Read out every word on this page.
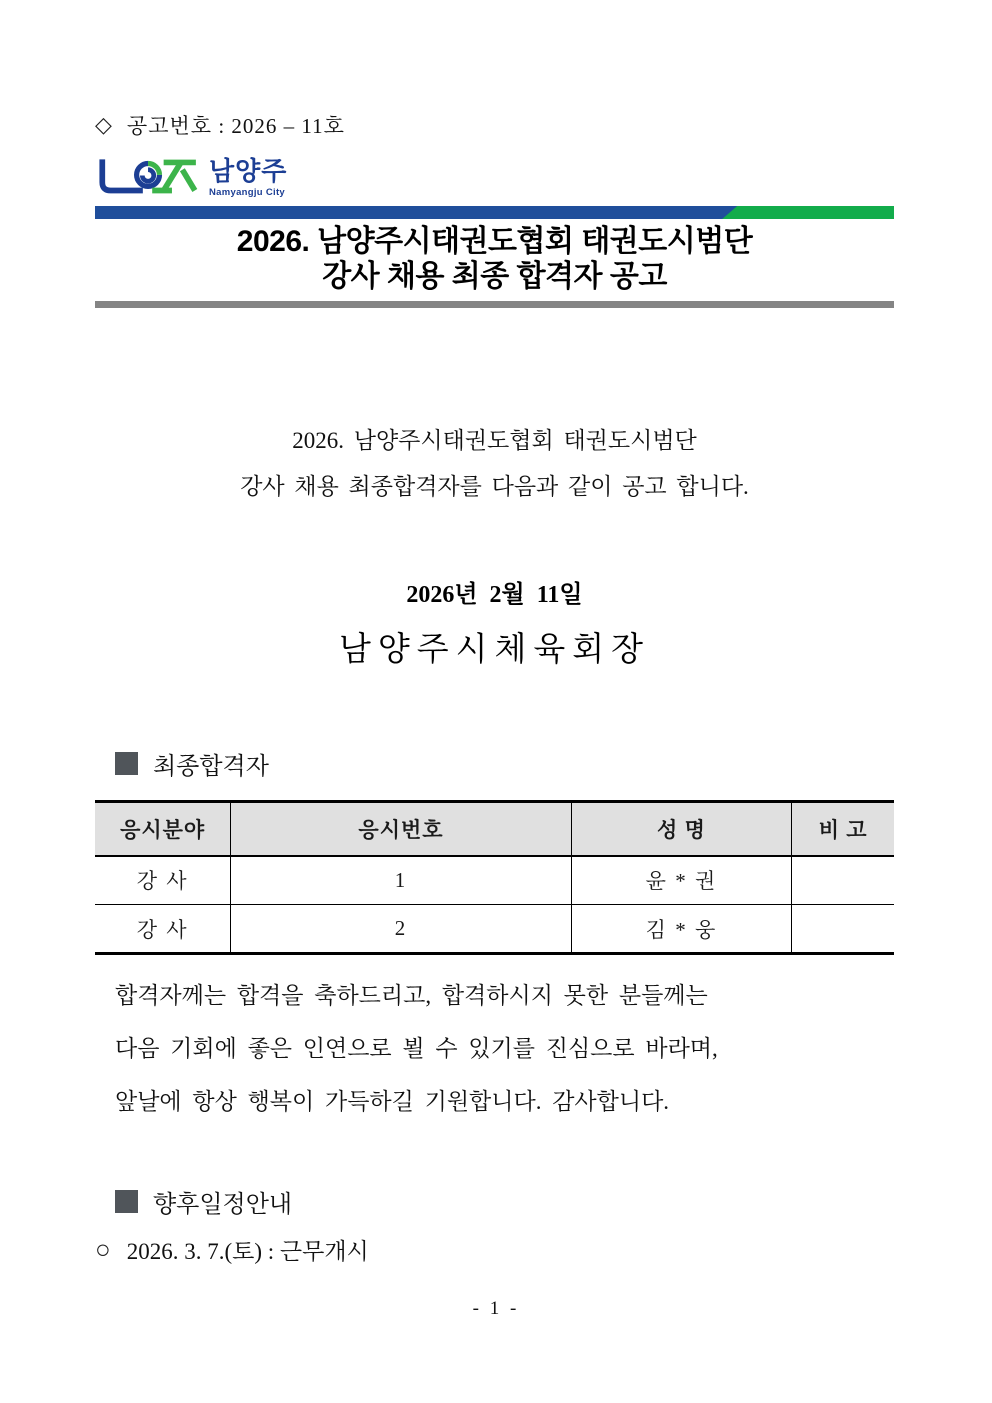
◇ 공고번호 : 2026 – 11호
남양주
Namyangju City
2026. 남양주시태권도협회 태권도시범단
강사 채용 최종 합격자 공고
2026. 남양주시태권도협회 태권도시범단
강사 채용 최종합격자를 다음과 같이 공고 합니다.
2026년 2월 11일
남양주시체육회장
최종합격자
응시분야	응시번호	성 명	비 고
강 사	1	윤 * 권	
강 사	2	김 * 웅	
합격자께는 합격을 축하드리고, 합격하시지 못한 분들께는
다음 기회에 좋은 인연으로 뵐 수 있기를 진심으로 바라며,
앞날에 항상 행복이 가득하길 기원합니다. 감사합니다.
향후일정안내
○ 2026. 3. 7.(토) : 근무개시
- 1 -
